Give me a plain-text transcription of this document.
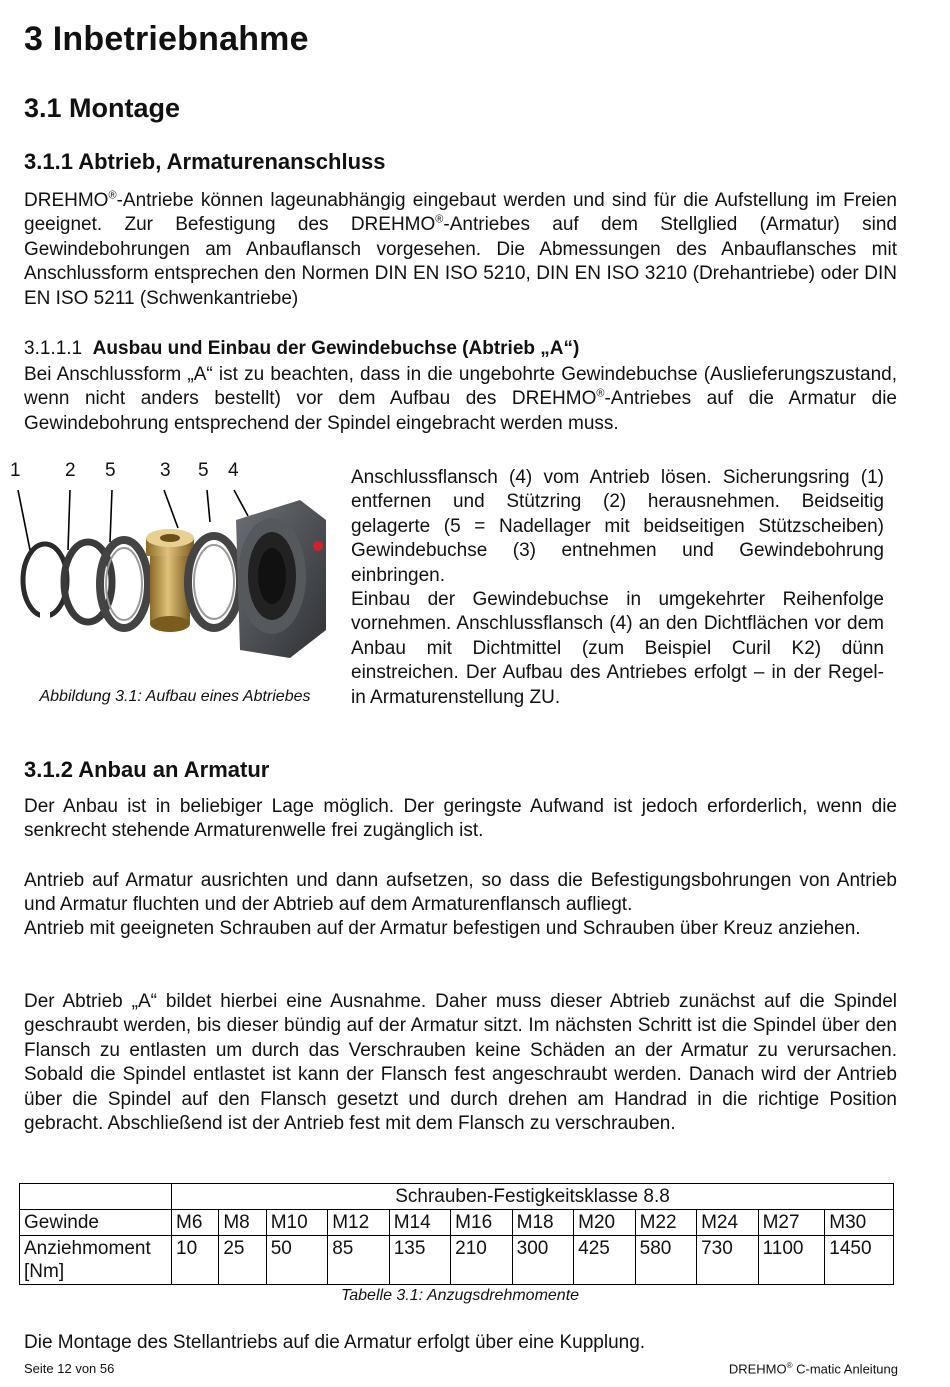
3 Inbetriebnahme
3.1 Montage
3.1.1 Abtrieb, Armaturenanschluss

DREHMO®-Antriebe können lageunabhängig eingebaut werden und sind für die Aufstellung im Freien geeignet. Zur Befestigung des DREHMO®-Antriebes auf dem Stellglied (Armatur) sind Gewindebohrungen am Anbauflansch vorgesehen. Die Abmessungen des Anbauflansches mit Anschlussform entsprechen den Normen DIN EN ISO 5210, DIN EN ISO 3210 (Drehantriebe) oder DIN EN ISO 5211 (Schwenkantriebe)

3.1.1.1 Ausbau und Einbau der Gewindebuchse (Abtrieb „A“)

Bei Anschlussform „A“ ist zu beachten, dass in die ungebohrte Gewindebuchse (Auslieferungszustand, wenn nicht anders bestellt) vor dem Aufbau des DREHMO®-Antriebes auf die Armatur die Gewindebohrung entsprechend der Spindel eingebracht werden muss.

1 2 5 3 5 4
Abbildung 3.1: Aufbau eines Abtriebes

Anschlussflansch (4) vom Antrieb lösen. Sicherungsring (1) entfernen und Stützring (2) herausnehmen. Beidseitig gelagerte (5 = Nadellager mit beidseitigen Stützscheiben) Gewindebuchse (3) entnehmen und Gewindebohrung einbringen.

Einbau der Gewindebuchse in umgekehrter Reihenfolge vornehmen. Anschlussflansch (4) an den Dichtflächen vor dem Anbau mit Dichtmittel (zum Beispiel Curil K2) dünn einstreichen. Der Aufbau des Antriebes erfolgt – in der Regel- in Armaturenstellung ZU.

3.1.2 Anbau an Armatur

Der Anbau ist in beliebiger Lage möglich. Der geringste Aufwand ist jedoch erforderlich, wenn die senkrecht stehende Armaturenwelle frei zugänglich ist.

Antrieb auf Armatur ausrichten und dann aufsetzen, so dass die Befestigungsbohrungen von Antrieb und Armatur fluchten und der Abtrieb auf dem Armaturenflansch aufliegt.

Antrieb mit geeigneten Schrauben auf der Armatur befestigen und Schrauben über Kreuz anziehen.

Der Abtrieb „A“ bildet hierbei eine Ausnahme. Daher muss dieser Abtrieb zunächst auf die Spindel geschraubt werden, bis dieser bündig auf der Armatur sitzt. Im nächsten Schritt ist die Spindel über den Flansch zu entlasten um durch das Verschrauben keine Schäden an der Armatur zu verursachen. Sobald die Spindel entlastet ist kann der Flansch fest angeschraubt werden. Danach wird der Antrieb über die Spindel auf den Flansch gesetzt und durch drehen am Handrad in die richtige Position gebracht. Abschließend ist der Antrieb fest mit dem Flansch zu verschrauben.

	Schrauben-Festigkeitsklasse 8.8											
Gewinde	M6	M8	M10	M12	M14	M16	M18	M20	M22	M24	M27	M30
Anziehmoment [Nm]	10	25	50	85	135	210	300	425	580	730	1100	1450
Tabelle 3.1: Anzugsdrehmomente

Die Montage des Stellantriebs auf die Armatur erfolgt über eine Kupplung.

Seite 12 von 56	DREHMO® C-matic Anleitung
